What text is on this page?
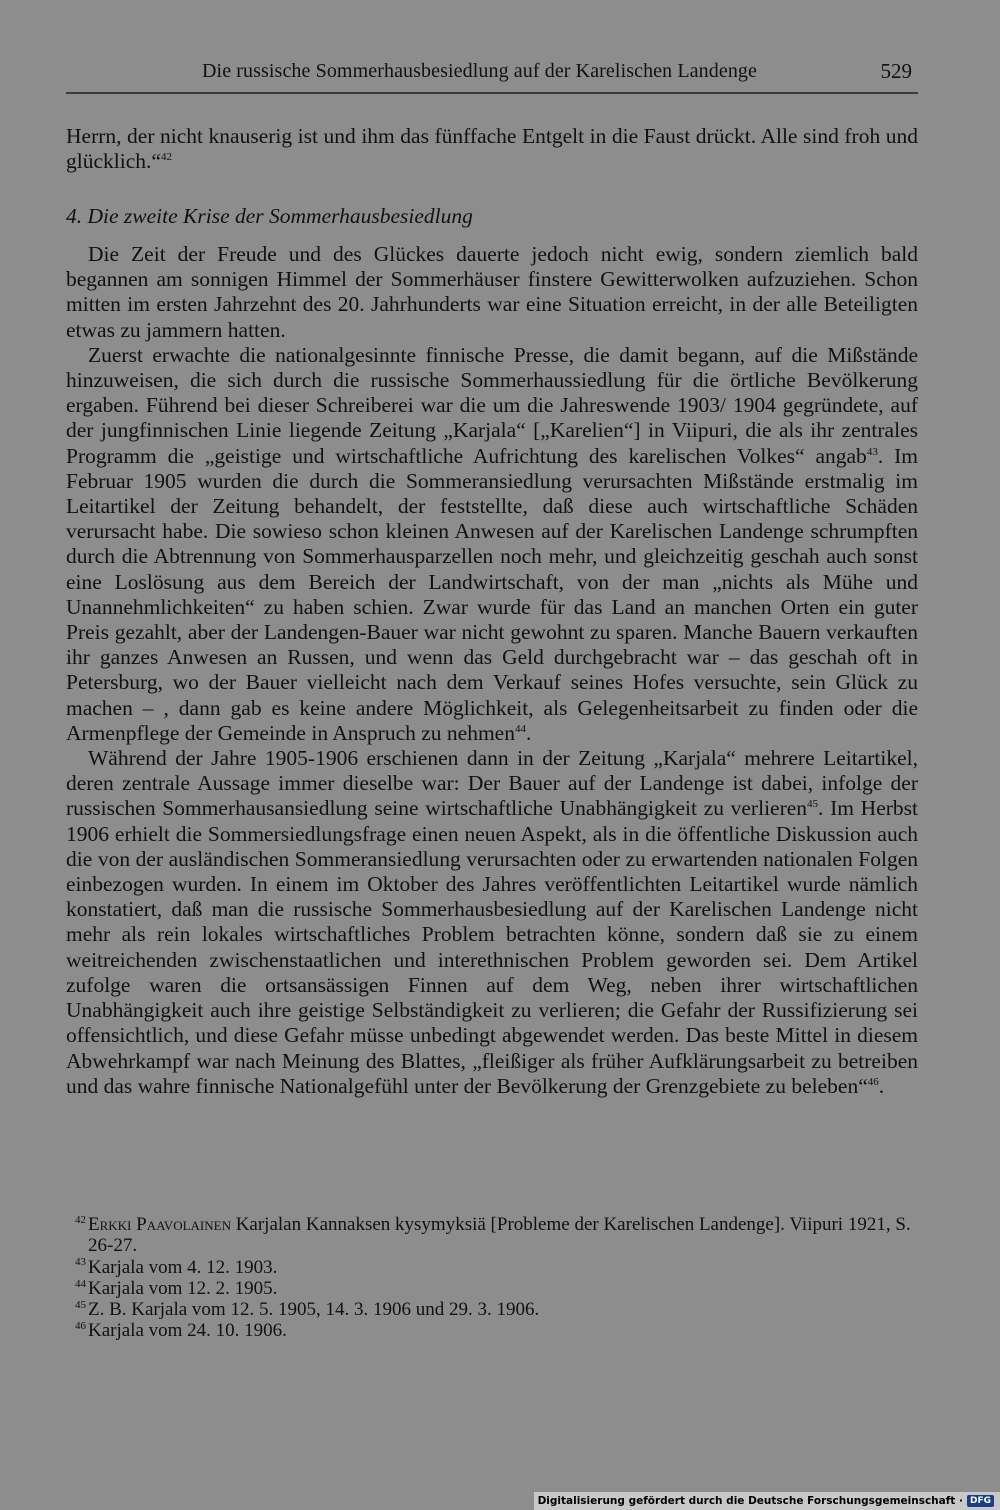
Die russische Sommerhausbesiedlung auf der Karelischen Landenge	529

Herrn, der nicht knauserig ist und ihm das fünffache Entgelt in die Faust drückt. Alle sind froh und glücklich.“$^{42}$

4. Die zweite Krise der Sommerhausbesiedlung

Die Zeit der Freude und des Glückes dauerte jedoch nicht ewig, sondern ziemlich bald begannen am sonnigen Himmel der Sommerhäuser finstere Gewitterwolken aufzuziehen. Schon mitten im ersten Jahrzehnt des 20. Jahrhunderts war eine Situation erreicht, in der alle Beteiligten etwas zu jammern hatten.

Zuerst erwachte die nationalgesinnte finnische Presse, die damit begann, auf die Mißstände hinzuweisen, die sich durch die russische Sommerhaussiedlung für die örtliche Bevölkerung ergaben. Führend bei dieser Schreiberei war die um die Jahreswende 1903/ 1904 gegründete, auf der jungfinnischen Linie liegende Zeitung „Karjala“ [„Karelien“] in Viipuri, die als ihr zentrales Programm die „geistige und wirtschaftliche Aufrichtung des karelischen Volkes“ angab$^{43}$. Im Februar 1905 wurden die durch die Sommeransiedlung verursachten Mißstände erstmalig im Leitartikel der Zeitung behandelt, der feststellte, daß diese auch wirtschaftliche Schäden verursacht habe. Die sowieso schon kleinen Anwesen auf der Karelischen Landenge schrumpften durch die Abtrennung von Sommerhausparzellen noch mehr, und gleichzeitig geschah auch sonst eine Loslösung aus dem Bereich der Landwirtschaft, von der man „nichts als Mühe und Unannehmlichkeiten“ zu haben schien. Zwar wurde für das Land an manchen Orten ein guter Preis gezahlt, aber der Landengen-Bauer war nicht gewohnt zu sparen. Manche Bauern verkauften ihr ganzes Anwesen an Russen, und wenn das Geld durchgebracht war – das geschah oft in Petersburg, wo der Bauer vielleicht nach dem Verkauf seines Hofes versuchte, sein Glück zu machen – , dann gab es keine andere Möglichkeit, als Gelegenheitsarbeit zu finden oder die Armenpflege der Gemeinde in Anspruch zu nehmen$^{44}$.

Während der Jahre 1905-1906 erschienen dann in der Zeitung „Karjala“ mehrere Leitartikel, deren zentrale Aussage immer dieselbe war: Der Bauer auf der Landenge ist dabei, infolge der russischen Sommerhausansiedlung seine wirtschaftliche Unabhängigkeit zu verlieren$^{45}$. Im Herbst 1906 erhielt die Sommersiedlungsfrage einen neuen Aspekt, als in die öffentliche Diskussion auch die von der ausländischen Sommeransiedlung verursachten oder zu erwartenden nationalen Folgen einbezogen wurden. In einem im Oktober des Jahres veröffentlichten Leitartikel wurde nämlich konstatiert, daß man die russische Sommerhausbesiedlung auf der Karelischen Landenge nicht mehr als rein lokales wirtschaftliches Problem betrachten könne, sondern daß sie zu einem weitreichenden zwischenstaatlichen und interethnischen Problem geworden sei. Dem Artikel zufolge waren die ortsansässigen Finnen auf dem Weg, neben ihrer wirtschaftlichen Unabhängigkeit auch ihre geistige Selbständigkeit zu verlieren; die Gefahr der Russifizierung sei offensichtlich, und diese Gefahr müsse unbedingt abgewendet werden. Das beste Mittel in diesem Abwehrkampf war nach Meinung des Blattes, „fleißiger als früher Aufklärungsarbeit zu betreiben und das wahre finnische Nationalgefühl unter der Bevölkerung der Grenzgebiete zu beleben“$^{46}$.

42 Erkki Paavolainen Karjalan Kannaksen kysymyksiä [Probleme der Karelischen Landenge]. Viipuri 1921, S. 26-27.

43 Karjala vom 4. 12. 1903.

44 Karjala vom 12. 2. 1905.

45 Z. B. Karjala vom 12. 5. 1905, 14. 3. 1906 und 29. 3. 1906.

46 Karjala vom 24. 10. 1906.

Digitalisierung gefördert durch die Deutsche Forschungsgemeinschaft · DFG
